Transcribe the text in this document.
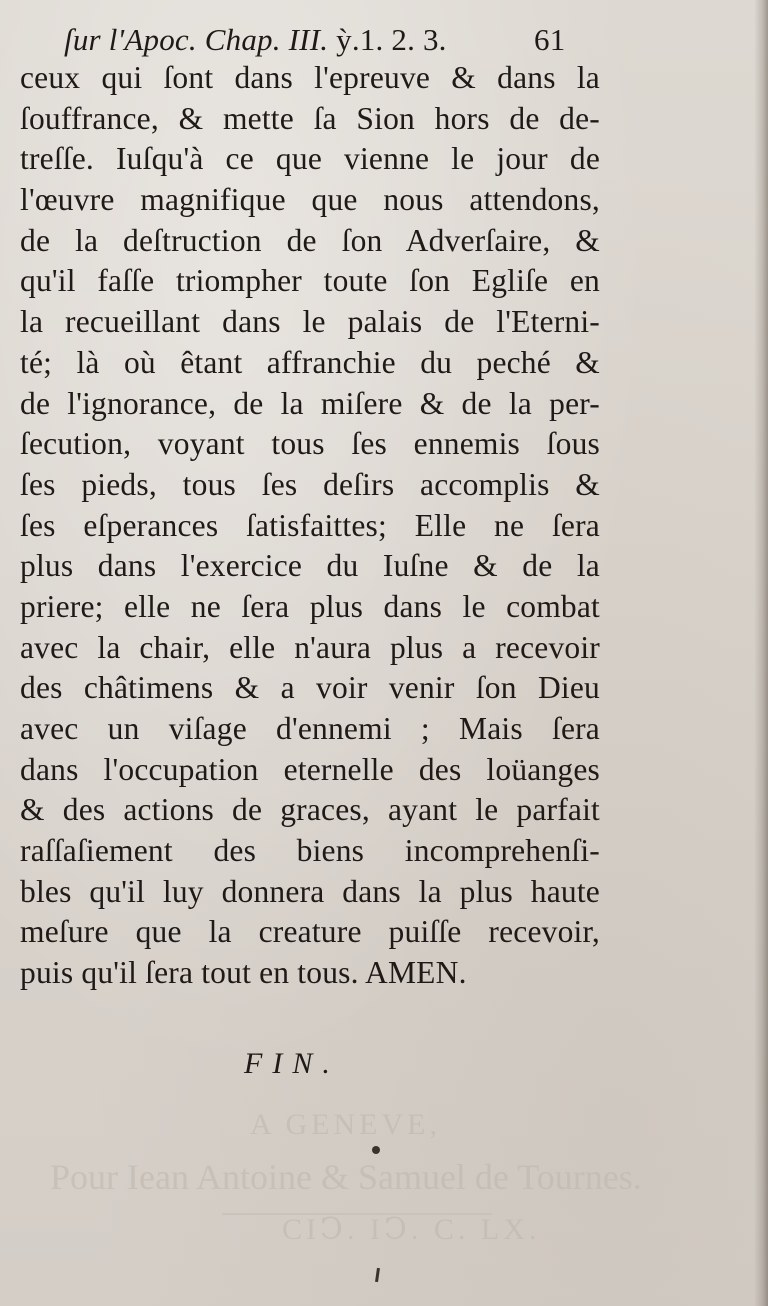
A GENEVE,
Pour Iean Antoine & Samuel de Tournes.
CIↃ. IↃ. C. LX.
ſur l'Apoc. Chap. III. ỳ.1. 2. 3.	61
ceux qui ſont dans l'epreuve & dans la
ſouffrance, & mette ſa Sion hors de de-
treſſe. Iuſqu'à ce que vienne le jour de
l'œuvre magnifique que nous attendons,
de la deſtruction de ſon Adverſaire, &
qu'il faſſe triompher toute ſon Egliſe en
la recueillant dans le palais de l'Eterni-
té; là où êtant affranchie du peché &
de l'ignorance, de la miſere & de la per-
ſecution, voyant tous ſes ennemis ſous
ſes pieds, tous ſes deſirs accomplis &
ſes eſperances ſatisfaittes; Elle ne ſera
plus dans l'exercice du Iuſne & de la
priere; elle ne ſera plus dans le combat
avec la chair, elle n'aura plus a recevoir
des châtimens & a voir venir ſon Dieu
avec un viſage d'ennemi ; Mais ſera
dans l'occupation eternelle des loüanges
& des actions de graces, ayant le parfait
raſſaſiement des biens incomprehenſi-
bles qu'il luy donnera dans la plus haute
meſure que la creature puiſſe recevoir,
puis qu'il ſera tout en tous. AMEN.
FIN.
